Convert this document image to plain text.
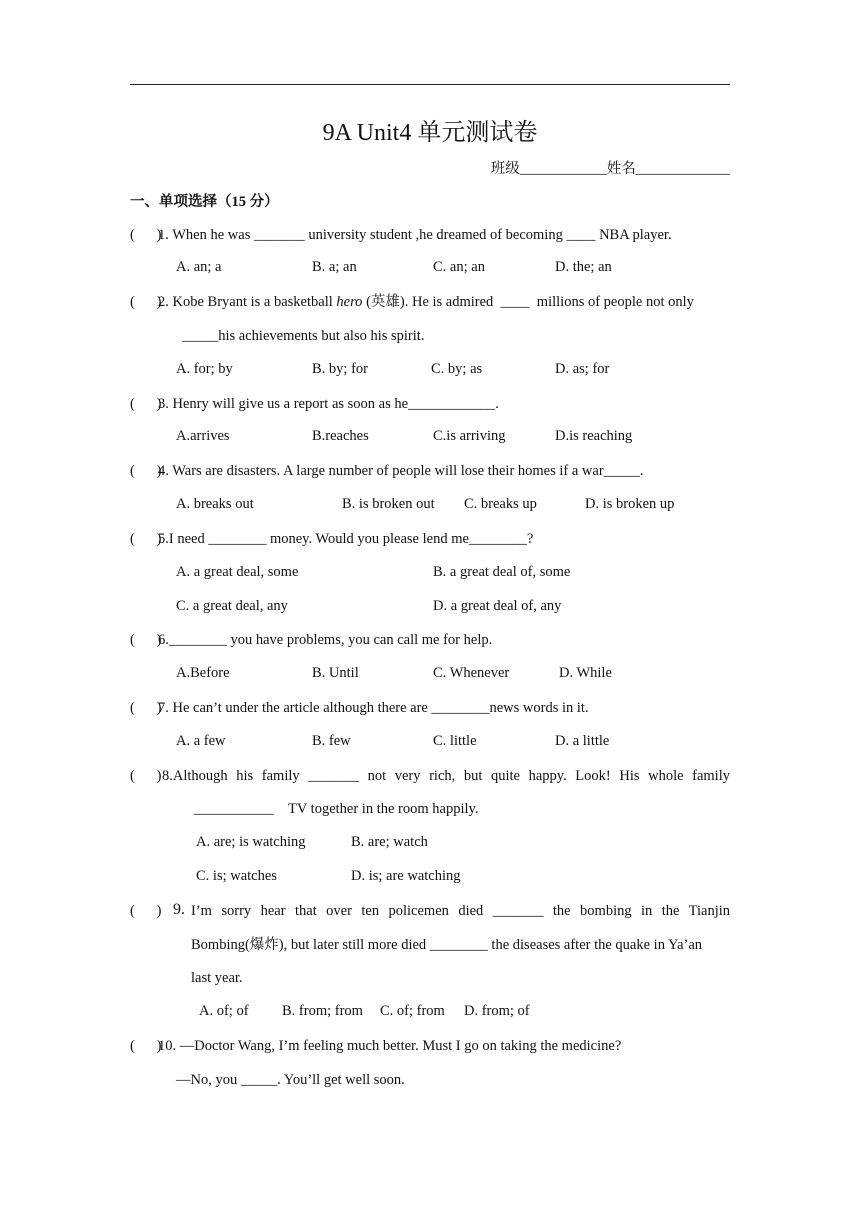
9A Unit4 单元测试卷
班级____________姓名_____________
一、单项选择（15 分）
(      )
1. When he was _______ university student ,he dreamed of becoming ____ NBA player.
A. an; a	B. a; an	C. an; an	D. the; an
(      )
2. Kobe Bryant is a basketball hero (英雄). He is admired  ____  millions of people not only
_____his achievements but also his spirit.
A. for; by	B. by; for	C. by; as	D. as; for
(      )
3. Henry will give us a report as soon as he____________.
A.arrives	B.reaches	C.is arriving	D.is reaching
(      )
4. Wars are disasters. A large number of people will lose their homes if a war_____.
A. breaks out	B. is broken out C. breaks up	D. is broken up
(      )
5.I need ________ money. Would you please lend me________?
A. a great deal, some	B. a great deal of, some
C. a great deal, any	D. a great deal of, any
(      )
6.________ you have problems, you can call me for help.
A.Before	B. Until	C. Whenever	D. While
(      )
7. He can’t under the article although there are ________news words in it.
A. a few	B. few	C. little	D. a little
(      ) 8.Although his family _______ not very rich, but quite happy. Look! His whole family
___________    TV together in the room happily.
A. are; is watching	B. are; watch
C. is; watches	D. is; are watching
(      ) 9. I’m sorry hear that over ten policemen died _______ the bombing in the Tianjin
Bombing(爆炸), but later still more died ________ the diseases after the quake in Ya’an
last year.
A. of; of B. from; from C. of; from D. from; of
(      )
10. —Doctor Wang, I’m feeling much better. Must I go on taking the medicine?
—No, you _____. You’ll get well soon.
